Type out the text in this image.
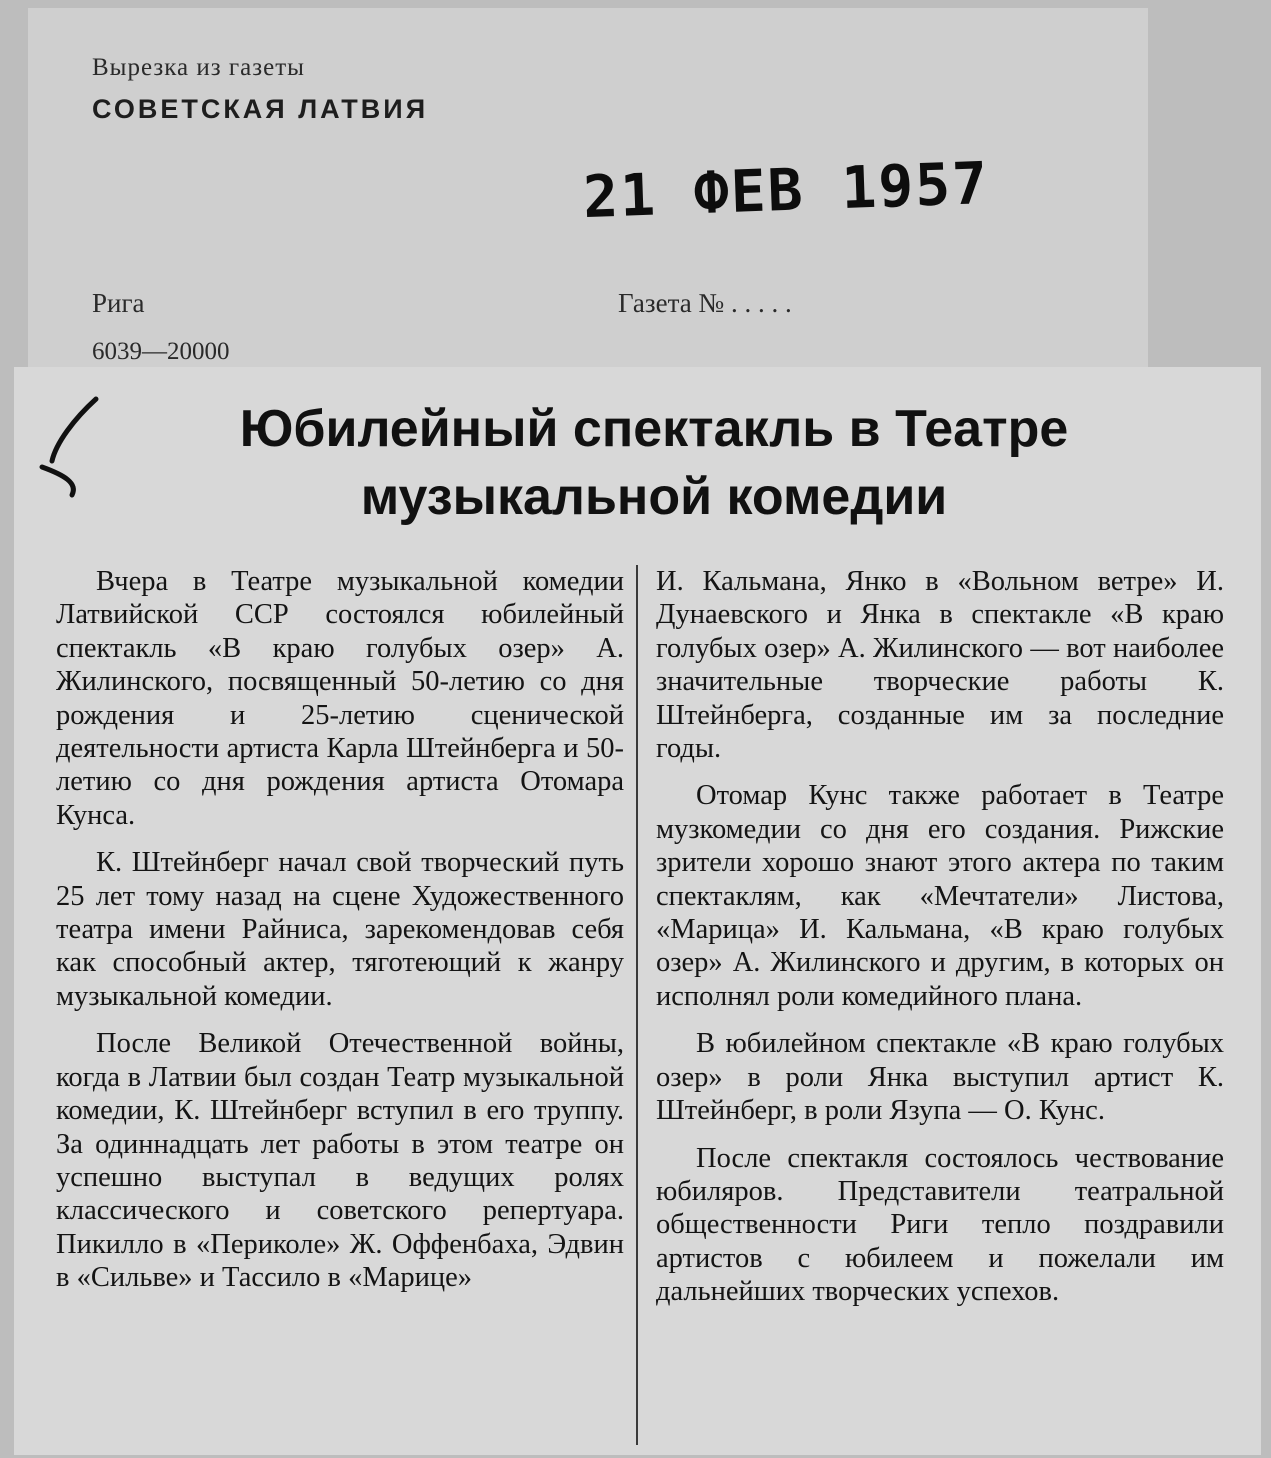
Вырезка из газеты
СОВЕТСКАЯ ЛАТВИЯ
21 ФЕВ 1957
Рига	Газета № . . . . .
6039—20000
Юбилейный спектакль в Театре
музыкальной комедии

Вчера в Театре музыкальной комедии Латвийской ССР состоялся юбилейный спектакль «В краю голубых озер» А. Жилинского, посвященный 50-летию со дня рождения и 25-летию сценической деятельности артиста Карла Штейнберга и 50-летию со дня рождения артиста Отомара Кунса.

К. Штейнберг начал свой творческий путь 25 лет тому назад на сцене Художественного театра имени Райниса, зарекомендовав себя как способный актер, тяготеющий к жанру музыкальной комедии.

После Великой Отечественной войны, когда в Латвии был создан Театр музыкальной комедии, К. Штейнберг вступил в его труппу. За одиннадцать лет работы в этом театре он успешно выступал в ведущих ролях классического и советского репертуара. Пикилло в «Периколе» Ж. Оффенбаха, Эдвин в «Сильве» и Тассило в «Марице»

И. Кальмана, Янко в «Вольном ветре» И. Дунаевского и Янка в спектакле «В краю голубых озер» А. Жилинского — вот наиболее значительные творческие работы К. Штейнберга, созданные им за последние годы.

Отомар Кунс также работает в Театре музкомедии со дня его создания. Рижские зрители хорошо знают этого актера по таким спектаклям, как «Мечтатели» Листова, «Марица» И. Кальмана, «В краю голубых озер» А. Жилинского и другим, в которых он исполнял роли комедийного плана.

В юбилейном спектакле «В краю голубых озер» в роли Янка выступил артист К. Штейнберг, в роли Язупа — О. Кунс.

После спектакля состоялось чествование юбиляров. Представители театральной общественности Риги тепло поздравили артистов с юбилеем и пожелали им дальнейших творческих успехов.
